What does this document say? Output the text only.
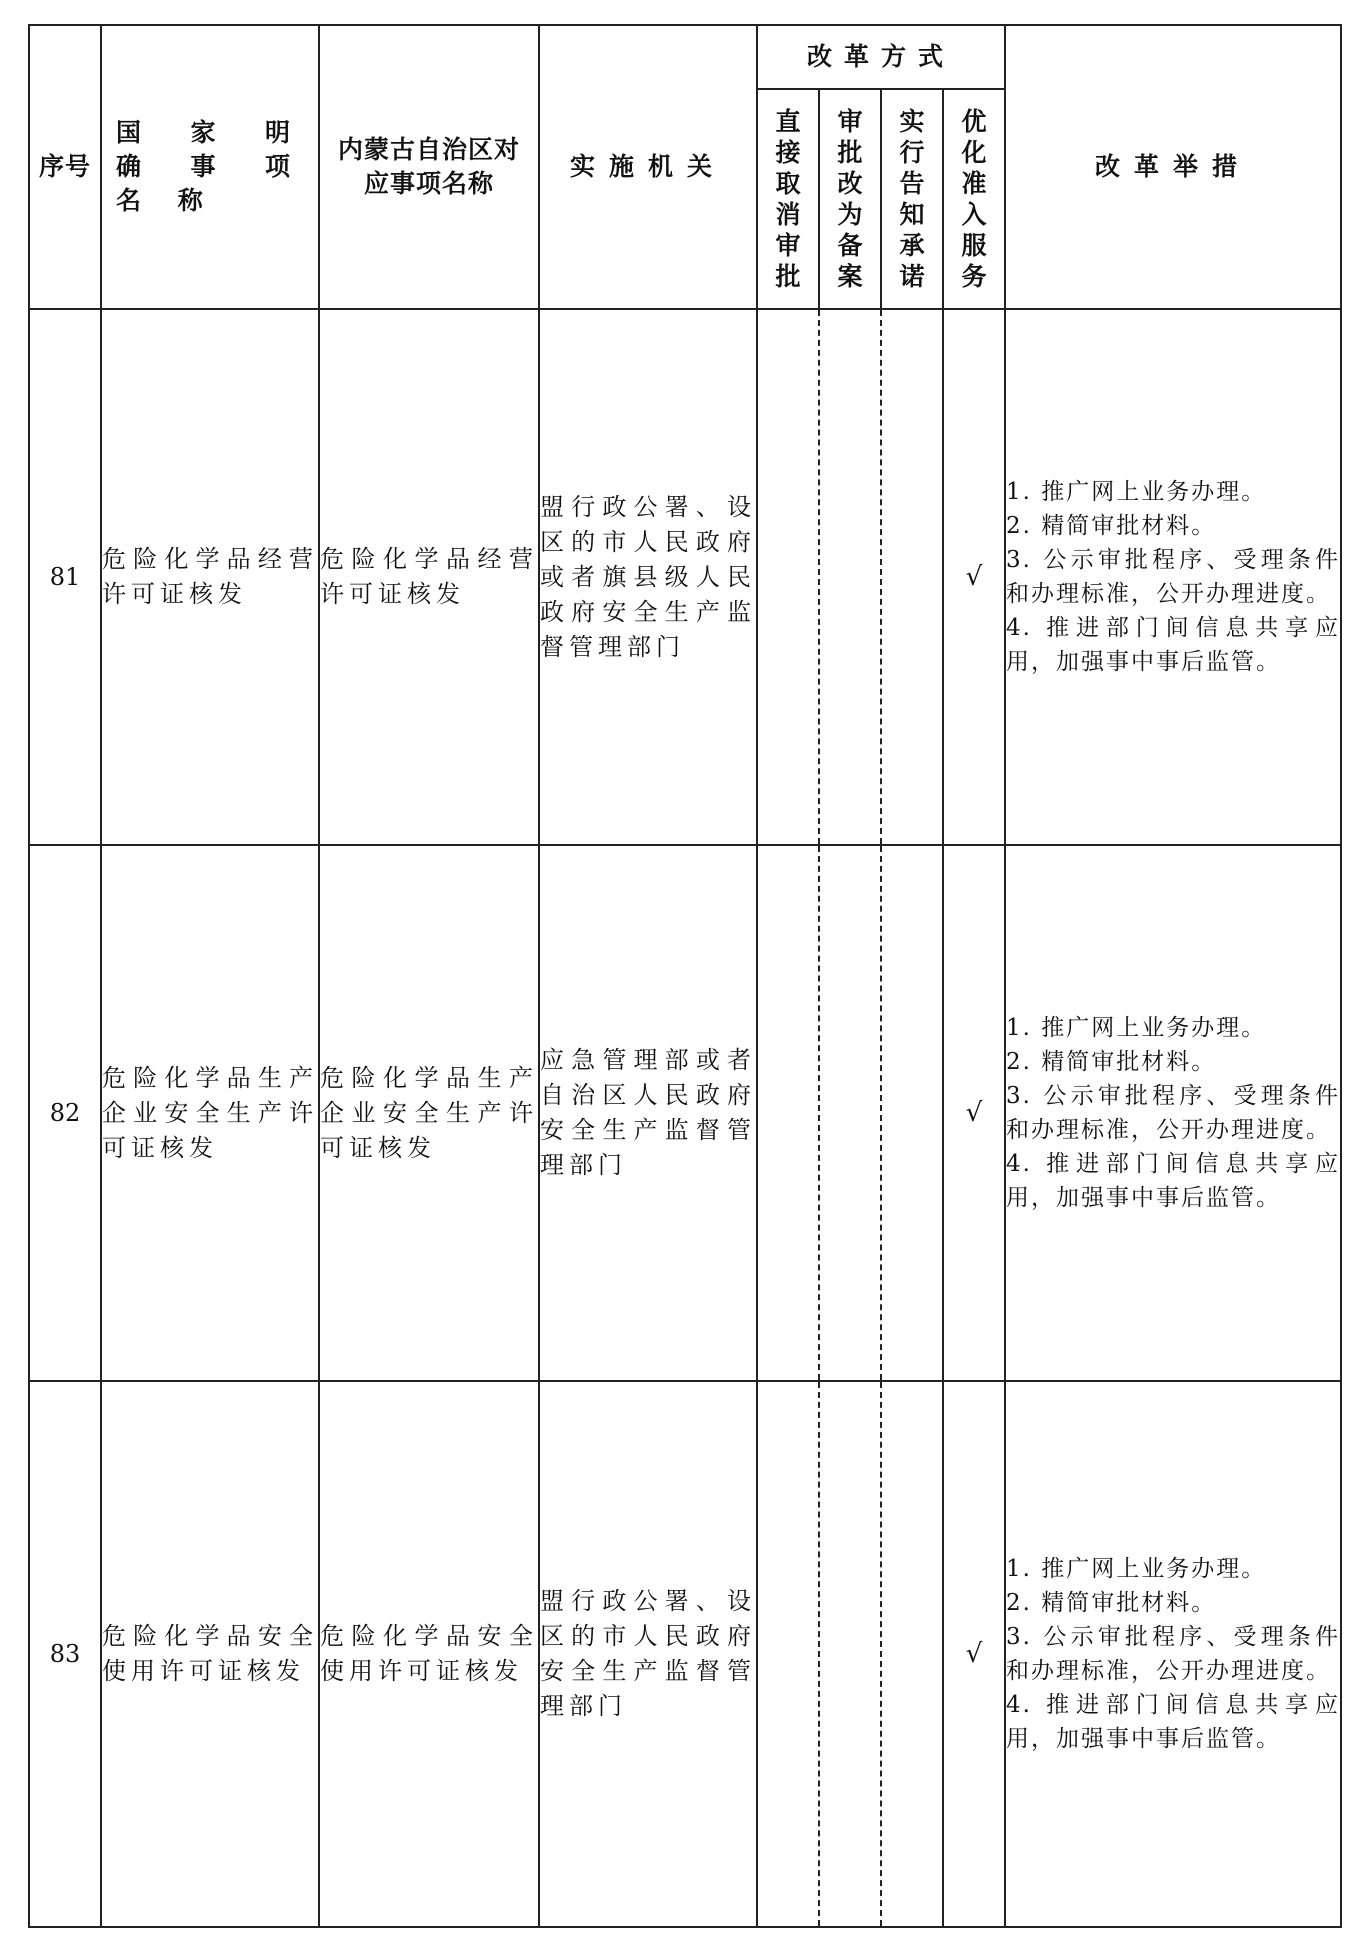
序号	国 家 明 确 事 项 名 称	内蒙古自治区对应事项名称	实施机关	改革方式				改革举措

				直接取消审批	审批改为备案	实行告知承诺	优化准入服务	

81	危险化学品经营许可证核发	危险化学品经营许可证核发	盟行政公署、设区的市人民政府或者旗县级人民政府安全生产监督管理部门				√	1. 推广网上业务办理。
2. 精简审批材料。
3. 公示审批程序、受理条件和办理标准，公开办理进度。
4. 推进部门间信息共享应用，加强事中事后监管。

82	危险化学品生产企业安全生产许可证核发	危险化学品生产企业安全生产许可证核发	应急管理部或者自治区人民政府安全生产监督管理部门				√	1. 推广网上业务办理。
2. 精简审批材料。
3. 公示审批程序、受理条件和办理标准，公开办理进度。
4. 推进部门间信息共享应用，加强事中事后监管。

83	危险化学品安全使用许可证核发	危险化学品安全使用许可证核发	盟行政公署、设区的市人民政府安全生产监督管理部门				√	1. 推广网上业务办理。
2. 精简审批材料。
3. 公示审批程序、受理条件和办理标准，公开办理进度。
4. 推进部门间信息共享应用，加强事中事后监管。
